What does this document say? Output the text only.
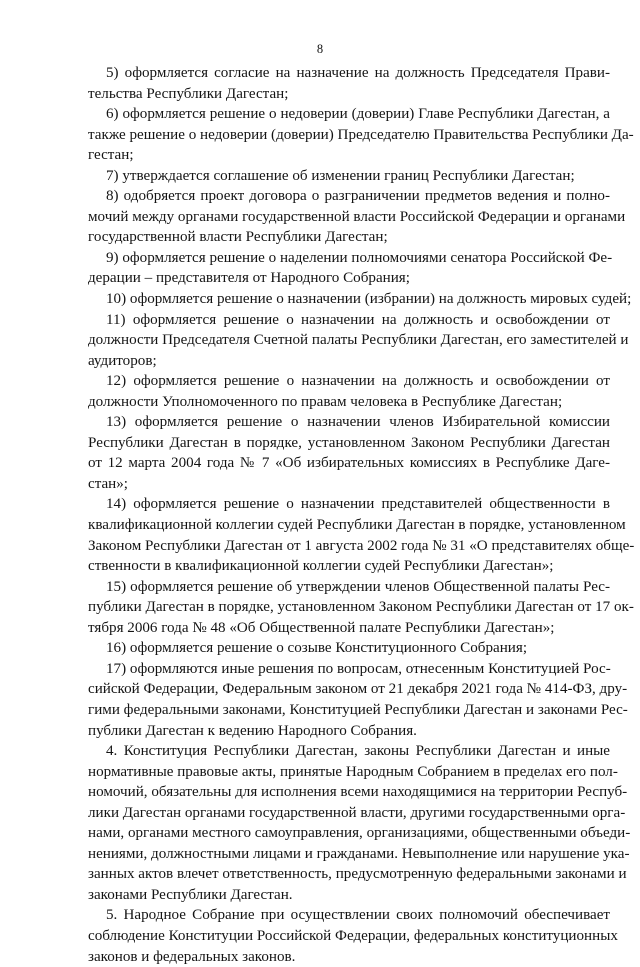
8
5) оформляется согласие на назначение на должность Председателя Прави-
тельства Республики Дагестан;
6) оформляется решение о недоверии (доверии) Главе Республики Дагестан, а
также решение о недоверии (доверии) Председателю Правительства Республики Да-
гестан;
7) утверждается соглашение об изменении границ Республики Дагестан;
8) одобряется проект договора о разграничении предметов ведения и полно-
мочий между органами государственной власти Российской Федерации и органами
государственной власти Республики Дагестан;
9) оформляется решение о наделении полномочиями сенатора Российской Фе-
дерации – представителя от Народного Собрания;
10) оформляется решение о назначении (избрании) на должность мировых судей;
11) оформляется решение о назначении на должность и освобождении от
должности Председателя Счетной палаты Республики Дагестан, его заместителей и
аудиторов;
12) оформляется решение о назначении на должность и освобождении от
должности Уполномоченного по правам человека в Республике Дагестан;
13) оформляется решение о назначении членов Избирательной комиссии
Республики Дагестан в порядке, установленном Законом Республики Дагестан
от 12 марта 2004 года № 7 «Об избирательных комиссиях в Республике Даге-
стан»;
14) оформляется решение о назначении представителей общественности в
квалификационной коллегии судей Республики Дагестан в порядке, установленном
Законом Республики Дагестан от 1 августа 2002 года № 31 «О представителях обще-
ственности в квалификационной коллегии судей Республики Дагестан»;
15) оформляется решение об утверждении членов Общественной палаты Рес-
публики Дагестан в порядке, установленном Законом Республики Дагестан от 17 ок-
тября 2006 года № 48 «Об Общественной палате Республики Дагестан»;
16) оформляется решение о созыве Конституционного Собрания;
17) оформляются иные решения по вопросам, отнесенным Конституцией Рос-
сийской Федерации, Федеральным законом от 21 декабря 2021 года № 414-ФЗ, дру-
гими федеральными законами, Конституцией Республики Дагестан и законами Рес-
публики Дагестан к ведению Народного Собрания.
4. Конституция Республики Дагестан, законы Республики Дагестан и иные
нормативные правовые акты, принятые Народным Собранием в пределах его пол-
номочий, обязательны для исполнения всеми находящимися на территории Респуб-
лики Дагестан органами государственной власти, другими государственными орга-
нами, органами местного самоуправления, организациями, общественными объеди-
нениями, должностными лицами и гражданами. Невыполнение или нарушение ука-
занных актов влечет ответственность, предусмотренную федеральными законами и
законами Республики Дагестан.
5. Народное Собрание при осуществлении своих полномочий обеспечивает
соблюдение Конституции Российской Федерации, федеральных конституционных
законов и федеральных законов.
